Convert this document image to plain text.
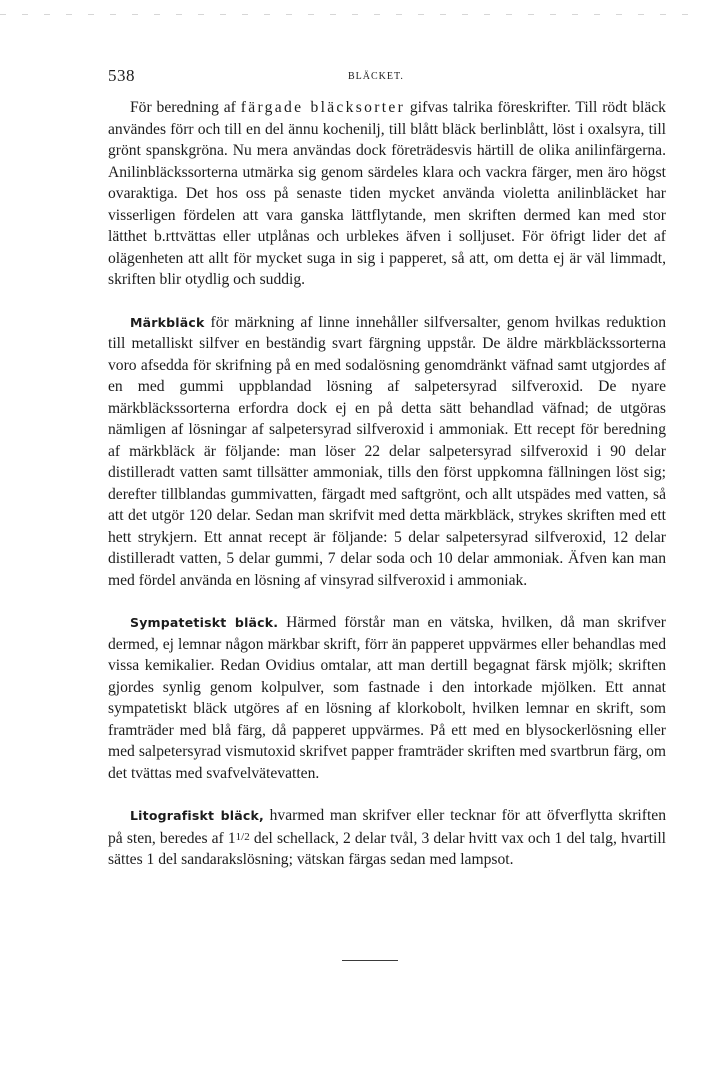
538	BLÄCKET.

För beredning af färgade bläcksorter gifvas talrika föreskrifter. Till rödt bläck användes förr och till en del ännu kochenilj, till blått bläck berlinblått, löst i oxalsyra, till grönt spanskgröna. Nu mera användas dock företrädesvis härtill de olika anilinfärgerna. Anilinbläckssorterna utmärka sig genom särdeles klara och vackra färger, men äro högst ovaraktiga. Det hos oss på senaste tiden mycket använda violetta anilinbläcket har visserligen fördelen att vara ganska lättflytande, men skriften dermed kan med stor lätthet b.rttvättas eller utplånas och urblekes äfven i solljuset. För öfrigt lider det af olägenheten att allt för mycket suga in sig i papperet, så att, om detta ej är väl limmadt, skriften blir otydlig och suddig.

Märkbläck för märkning af linne innehåller silfversalter, genom hvilkas reduktion till metalliskt silfver en beständig svart färgning uppstår. De äldre märkbläckssorterna voro afsedda för skrifning på en med sodalösning genomdränkt väfnad samt utgjordes af en med gummi uppblandad lösning af salpetersyrad silfveroxid. De nyare märkbläckssorterna erfordra dock ej en på detta sätt behandlad väfnad; de utgöras nämligen af lösningar af salpetersyrad silfveroxid i ammoniak. Ett recept för beredning af märkbläck är följande: man löser 22 delar salpetersyrad silfveroxid i 90 delar distilleradt vatten samt tillsätter ammoniak, tills den först uppkomna fällningen löst sig; derefter tillblandas gummivatten, färgadt med saftgrönt, och allt utspädes med vatten, så att det utgör 120 delar. Sedan man skrifvit med detta märkbläck, strykes skriften med ett hett strykjern. Ett annat recept är följande: 5 delar salpetersyrad silfveroxid, 12 delar distilleradt vatten, 5 delar gummi, 7 delar soda och 10 delar ammoniak. Äfven kan man med fördel använda en lösning af vinsyrad silfveroxid i ammoniak.

Sympatetiskt bläck. Härmed förstår man en vätska, hvilken, då man skrifver dermed, ej lemnar någon märkbar skrift, förr än papperet uppvärmes eller behandlas med vissa kemikalier. Redan Ovidius omtalar, att man dertill begagnat färsk mjölk; skriften gjordes synlig genom kolpulver, som fastnade i den intorkade mjölken. Ett annat sympatetiskt bläck utgöres af en lösning af klorkobolt, hvilken lemnar en skrift, som framträder med blå färg, då papperet uppvärmes. På ett med en blysockerlösning eller med salpetersyrad vismutoxid skrifvet papper framträder skriften med svartbrun färg, om det tvättas med svafvelvätevatten.

Litografiskt bläck, hvarmed man skrifver eller tecknar för att öfverflytta skriften på sten, beredes af 11/2 del schellack, 2 delar tvål, 3 delar hvitt vax och 1 del talg, hvartill sättes 1 del sandarakslösning; vätskan färgas sedan med lampsot.
